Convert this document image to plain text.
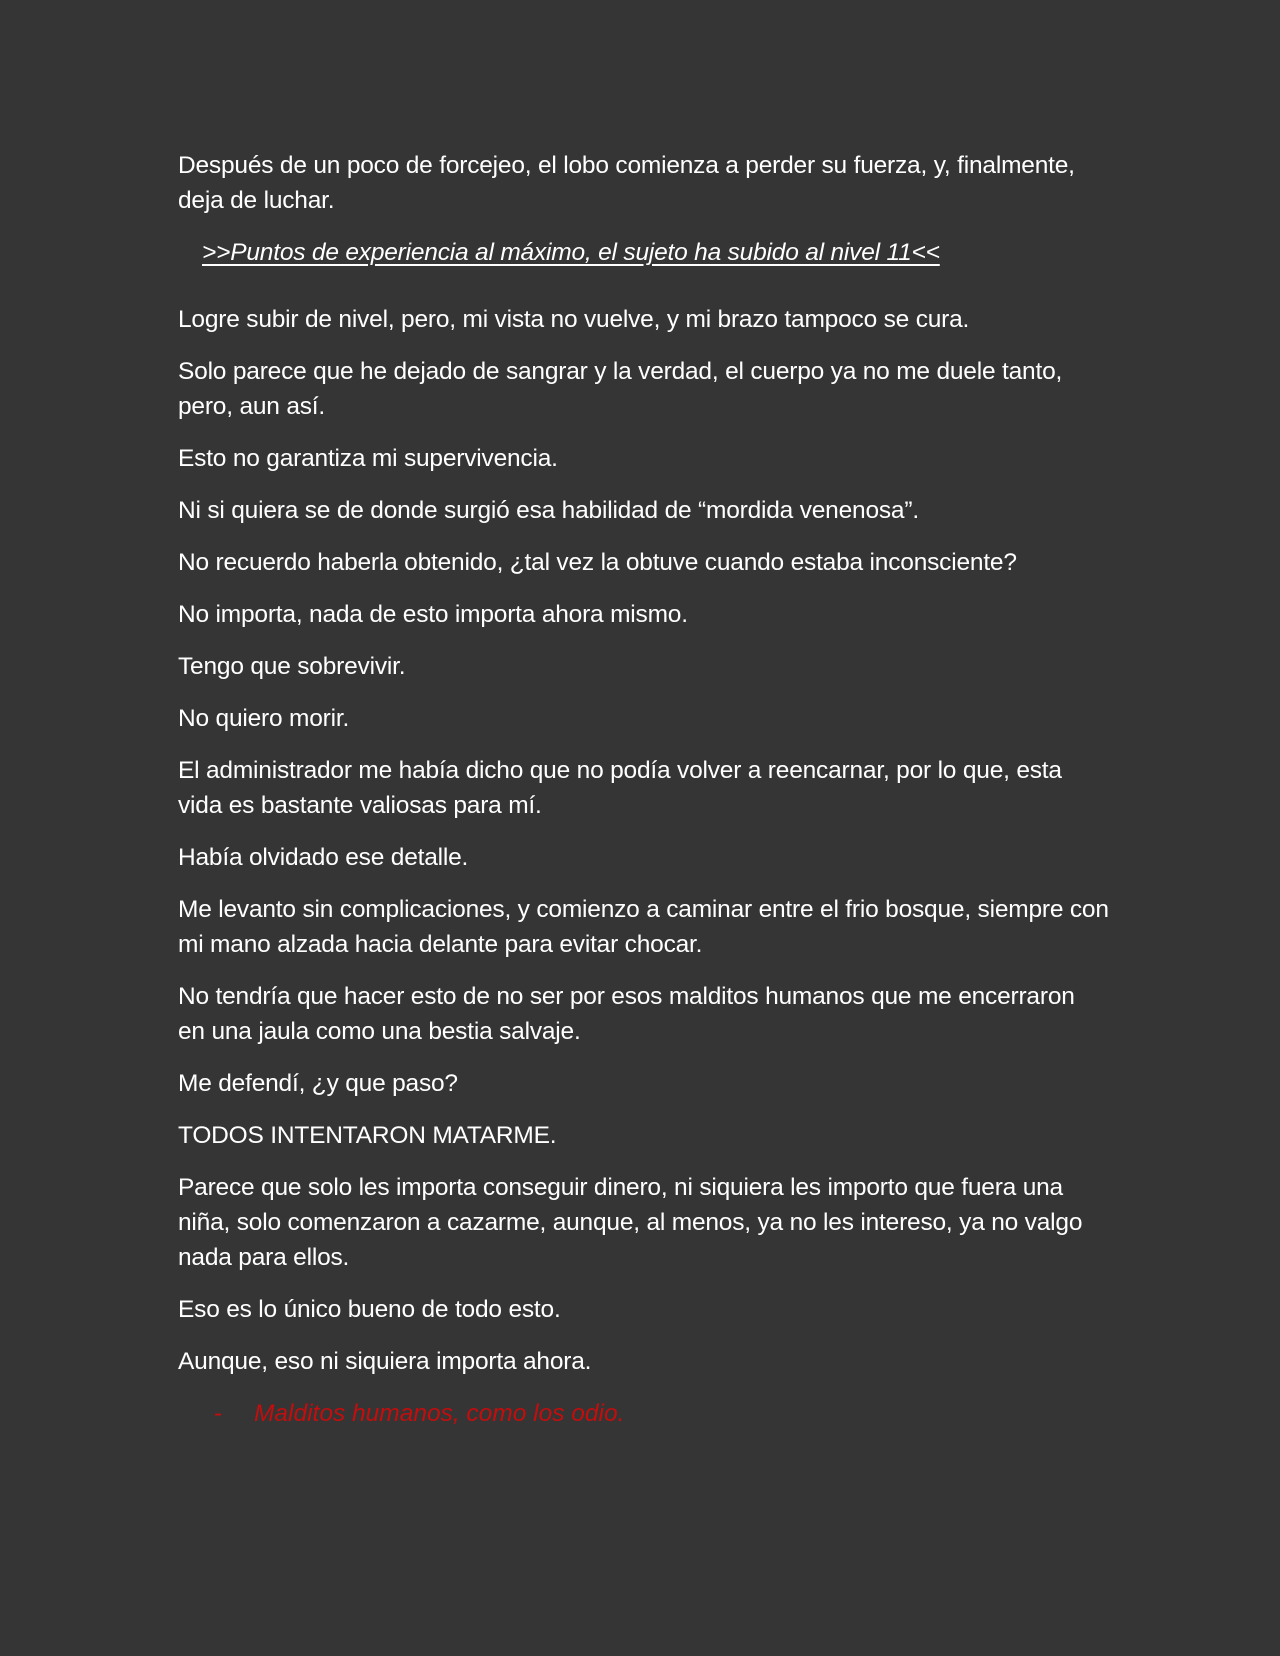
Después de un poco de forcejeo, el lobo comienza a perder su fuerza, y, finalmente, deja de luchar.

>>Puntos de experiencia al máximo, el sujeto ha subido al nivel 11<<

Logre subir de nivel, pero, mi vista no vuelve, y mi brazo tampoco se cura.

Solo parece que he dejado de sangrar y la verdad, el cuerpo ya no me duele tanto, pero, aun así.

Esto no garantiza mi supervivencia.

Ni si quiera se de donde surgió esa habilidad de “mordida venenosa”.

No recuerdo haberla obtenido, ¿tal vez la obtuve cuando estaba inconsciente?

No importa, nada de esto importa ahora mismo.

Tengo que sobrevivir.

No quiero morir.

El administrador me había dicho que no podía volver a reencarnar, por lo que, esta vida es bastante valiosas para mí.

Había olvidado ese detalle.

Me levanto sin complicaciones, y comienzo a caminar entre el frio bosque, siempre con mi mano alzada hacia delante para evitar chocar.

No tendría que hacer esto de no ser por esos malditos humanos que me encerraron en una jaula como una bestia salvaje.

Me defendí, ¿y que paso?

TODOS INTENTARON MATARME.

Parece que solo les importa conseguir dinero, ni siquiera les importo que fuera una niña, solo comenzaron a cazarme, aunque, al menos, ya no les intereso, ya no valgo nada para ellos.

Eso es lo único bueno de todo esto.

Aunque, eso ni siquiera importa ahora.

-	Malditos humanos, como los odio.
